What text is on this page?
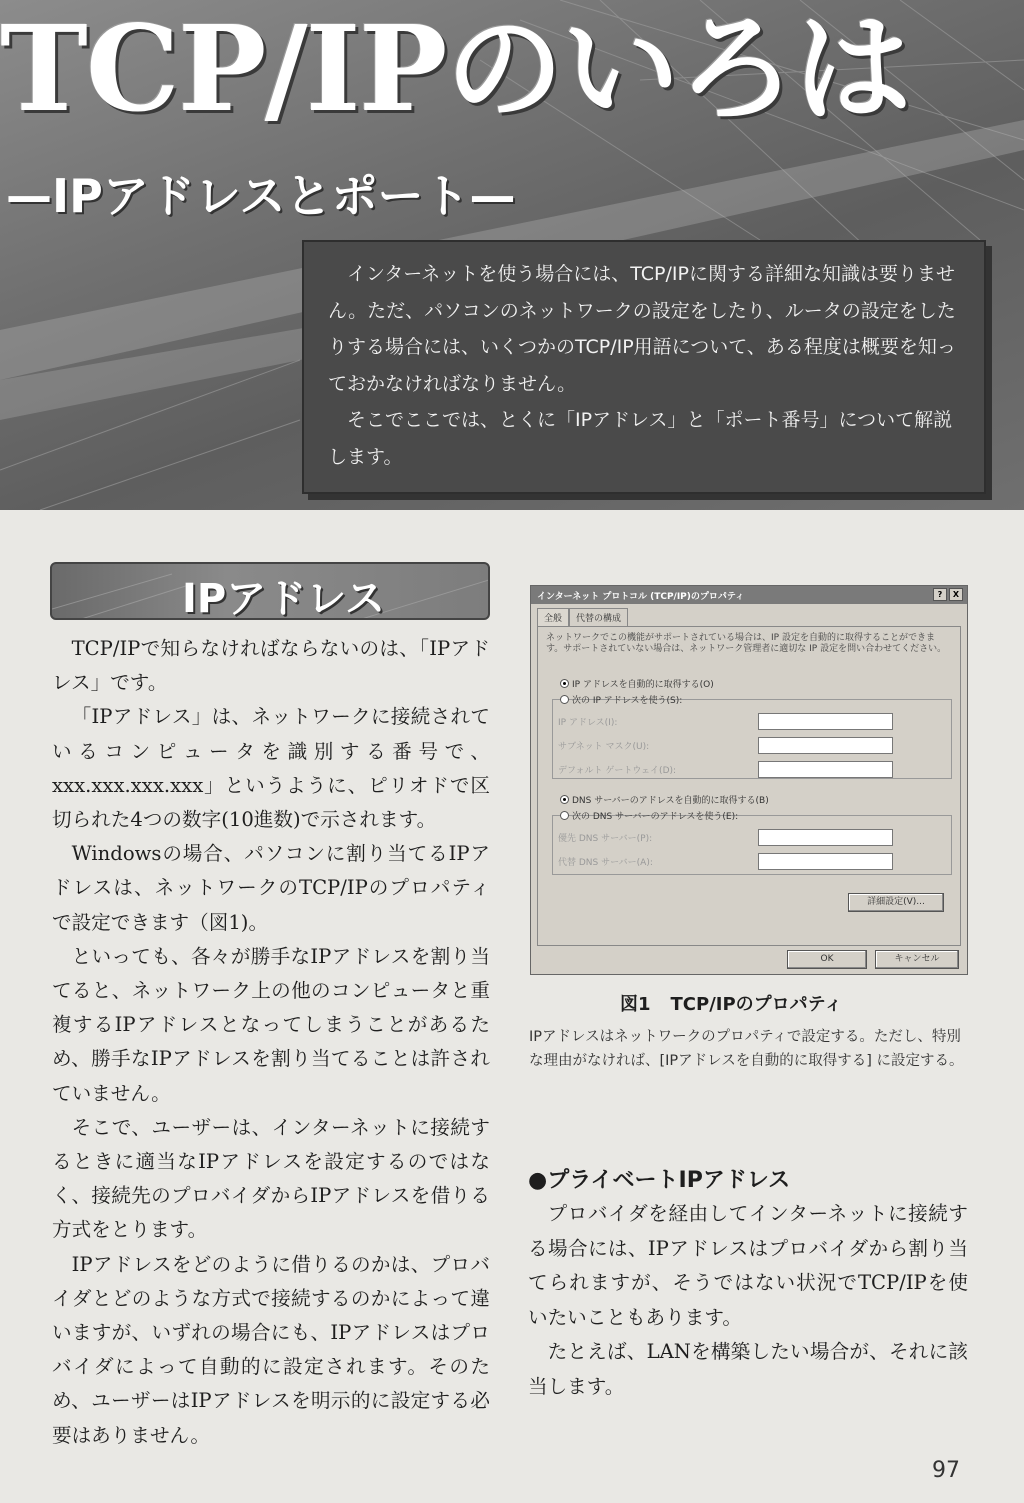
TCP/IPのいろは
—IPアドレスとポート—

インターネットを使う場合には、TCP/IPに関する詳細な知識は要りません。ただ、パソコンのネットワークの設定をしたり、ルータの設定をしたりする場合には、いくつかのTCP/IP用語について、ある程度は概要を知っておかなければなりません。

そこでここでは、とくに「IPアドレス」と「ポート番号」について解説します。

IPアドレス

TCP/IPで知らなければならないのは、「IPアドレス」です。

「IPアドレス」は、ネットワークに接続されているコンピュータを識別する番号で、xxx.xxx.xxx.xxx」というように、ピリオドで区切られた4つの数字(10進数)で示されます。

Windowsの場合、パソコンに割り当てるIPアドレスは、ネットワークのTCP/IPのプロパティで設定できます（図1)。

といっても、各々が勝手なIPアドレスを割り当てると、ネットワーク上の他のコンピュータと重複するIPアドレスとなってしまうことがあるため、勝手なIPアドレスを割り当てることは許されていません。

そこで、ユーザーは、インターネットに接続するときに適当なIPアドレスを設定するのではなく、接続先のプロバイダからIPアドレスを借りる方式をとります。

IPアドレスをどのように借りるのかは、プロバイダとどのような方式で接続するのかによって違いますが、いずれの場合にも、IPアドレスはプロバイダによって自動的に設定されます。そのため、ユーザーはIPアドレスを明示的に設定する必要はありません。

インターネット プロトコル (TCP/IP)のプロパティ	?	X
全般	代替の構成
ネットワークでこの機能がサポートされている場合は、IP 設定を自動的に取得することができます。サポートされていない場合は、ネットワーク管理者に適切な IP 設定を問い合わせてください。
IP アドレスを自動的に取得する(O)
次の IP アドレスを使う(S):
IP アドレス(I):
サブネット マスク(U):
デフォルト ゲートウェイ(D):
DNS サーバーのアドレスを自動的に取得する(B)
次の DNS サーバーのアドレスを使う(E):
優先 DNS サーバー(P):
代替 DNS サーバー(A):
詳細設定(V)...
OK	キャンセル
図1 TCP/IPのプロパティ
IPアドレスはネットワークのプロパティで設定する。ただし、特別な理由がなければ、[IPアドレスを自動的に取得する] に設定する。
●プライベートIPアドレス

プロバイダを経由してインターネットに接続する場合には、IPアドレスはプロバイダから割り当てられますが、そうではない状況でTCP/IPを使いたいこともあります。

たとえば、LANを構築したい場合が、それに該当します。

97
